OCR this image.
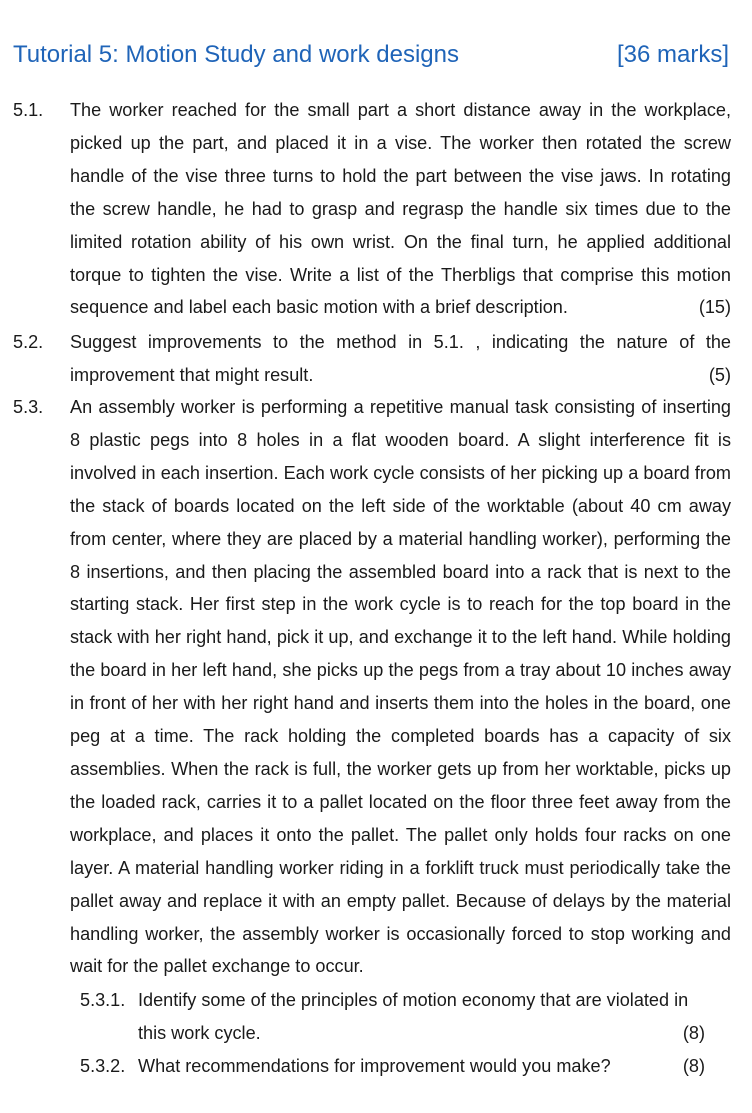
Tutorial 5: Motion Study and work designs	[36 marks]
5.1. The worker reached for the small part a short distance away in the workplace, picked up the part, and placed it in a vise. The worker then rotated the screw handle of the vise three turns to hold the part between the vise jaws. In rotating the screw handle, he had to grasp and regrasp the handle six times due to the limited rotation ability of his own wrist. On the final turn, he applied additional torque to tighten the vise. Write a list of the Therbligs that comprise this motion sequence and label each basic motion with a brief description.	(15)
5.2. Suggest improvements to the method in 5.1. , indicating the nature of the improvement that might result.	(5)
5.3. An assembly worker is performing a repetitive manual task consisting of inserting 8 plastic pegs into 8 holes in a flat wooden board. A slight interference fit is involved in each insertion. Each work cycle consists of her picking up a board from the stack of boards located on the left side of the worktable (about 40 cm away from center, where they are placed by a material handling worker), performing the 8 insertions, and then placing the assembled board into a rack that is next to the starting stack. Her first step in the work cycle is to reach for the top board in the stack with her right hand, pick it up, and exchange it to the left hand. While holding the board in her left hand, she picks up the pegs from a tray about 10 inches away in front of her with her right hand and inserts them into the holes in the board, one peg at a time. The rack holding the completed boards has a capacity of six assemblies. When the rack is full, the worker gets up from her worktable, picks up the loaded rack, carries it to a pallet located on the floor three feet away from the workplace, and places it onto the pallet. The pallet only holds four racks on one layer. A material handling worker riding in a forklift truck must periodically take the pallet away and replace it with an empty pallet. Because of delays by the material handling worker, the assembly worker is occasionally forced to stop working and wait for the pallet exchange to occur.
5.3.1. Identify some of the principles of motion economy that are violated in this work cycle.	(8)
5.3.2. What recommendations for improvement would you make?	(8)
